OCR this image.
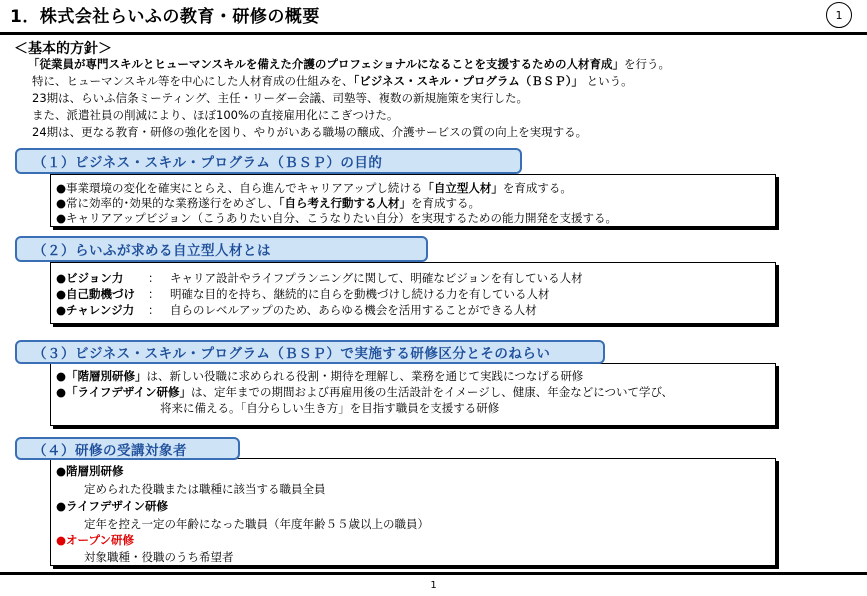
1．株式会社らいふの教育・研修の概要	1
＜基本的方針＞
「従業員が専門スキルとヒューマンスキルを備えた介護のプロフェショナルになることを支援するための人材育成」を行う。
特に、ヒューマンスキル等を中心にした人材育成の仕組みを、「ビジネス・スキル・プログラム（ＢＳＰ）」 という。
23期は、らいふ信条ミーティング、主任・リーダー会議、司塾等、複数の新規施策を実行した。
また、派遣社員の削減により、ほぼ100%の直接雇用化にこぎつけた。
24期は、更なる教育・研修の強化を図り、やりがいある職場の醸成、介護サービスの質の向上を実現する。
●事業環境の変化を確実にとらえ、自ら進んでキャリアアップし続ける「自立型人材」を育成する。
●常に効率的･効果的な業務遂行をめざし、「自ら考え行動する人材」を育成する。
●キャリアアップビジョン（こうありたい自分、こうなりたい自分）を実現するための能力開発を支援する。
（１）ビジネス・スキル・プログラム（ＢＳＰ）の目的
●ビジョン力 ： キャリア設計やライフプランニングに関して、明確なビジョンを有している人材
●自己動機づけ ： 明確な目的を持ち、継続的に自らを動機づけし続ける力を有している人材
●チャレンジ力 ： 自らのレベルアップのため、あらゆる機会を活用することができる人材
（２）らいふが求める自立型人材とは
●「階層別研修」は、新しい役職に求められる役割・期待を理解し、業務を通じて実践につなげる研修
●「ライフデザイン研修」は、定年までの期間および再雇用後の生活設計をイメージし、健康、年金などについて学び、
将来に備える。「自分らしい生き方」を目指す職員を支援する研修
（３）ビジネス・スキル・プログラム（ＢＳＰ）で実施する研修区分とそのねらい
●階層別研修
定められた役職または職種に該当する職員全員
●ライフデザイン研修
定年を控え一定の年齢になった職員（年度年齢５５歳以上の職員）
●オープン研修
対象職種・役職のうち希望者
（４）研修の受講対象者
1
